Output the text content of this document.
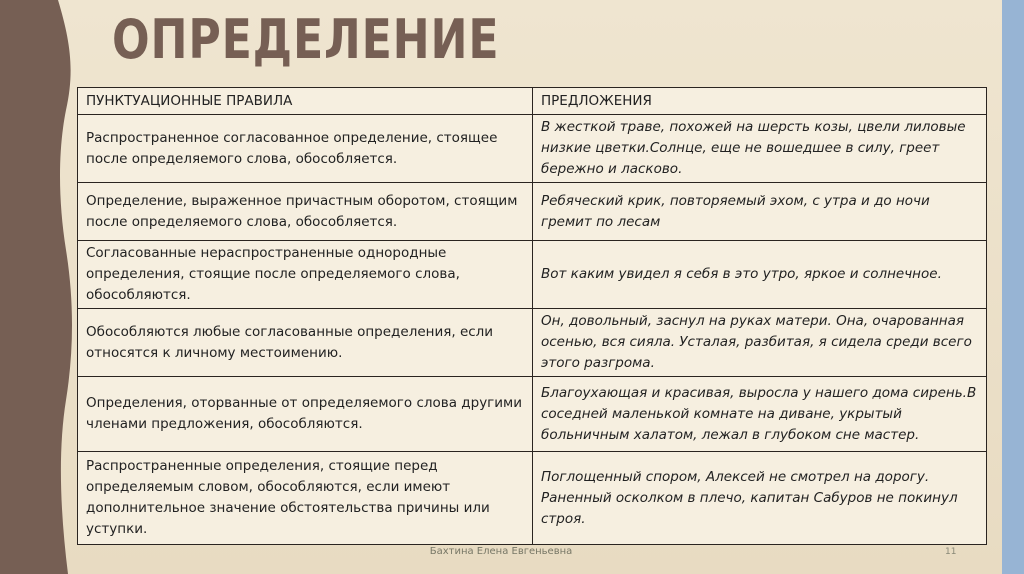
ОПРЕДЕЛЕНИЕ
ПУНКТУАЦИОННЫЕ ПРАВИЛА	ПРЕДЛОЖЕНИЯ
Распространенное согласованное определение, стоящее после определяемого слова, обособляется.	В жесткой траве, похожей на шерсть козы, цвели лиловые низкие цветки.Солнце, еще не вошедшее в силу, греет бережно и ласково.
Определение, выраженное причастным оборотом, стоящим после определяемого слова, обособляется.	Ребяческий крик, повторяемый эхом, с утра и до ночи гремит по лесам
Согласованные нераспространенные однородные определения, стоящие после определяемого слова, обособляются.	Вот каким увидел я себя в это утро, яркое и солнечное.
Обособляются любые согласованные определения, если относятся к личному местоимению.	Он, довольный, заснул на руках матери. Она, очарованная осенью, вся сияла. Усталая, разбитая, я сидела среди всего этого разгрома.
Определения, оторванные от определяемого слова другими членами предложения, обособляются.	Благоухающая и красивая, выросла у нашего дома сирень.В соседней маленькой комнате на диване, укрытый больничным халатом, лежал в глубоком сне мастер.
Распространенные определения, стоящие перед определяемым словом, обособляются, если имеют дополнительное значение обстоятельства причины или уступки.	Поглощенный спором, Алексей не смотрел на дорогу. Раненный осколком в плечо, капитан Сабуров не покинул строя.
Бахтина Елена Евгеньевна	11
